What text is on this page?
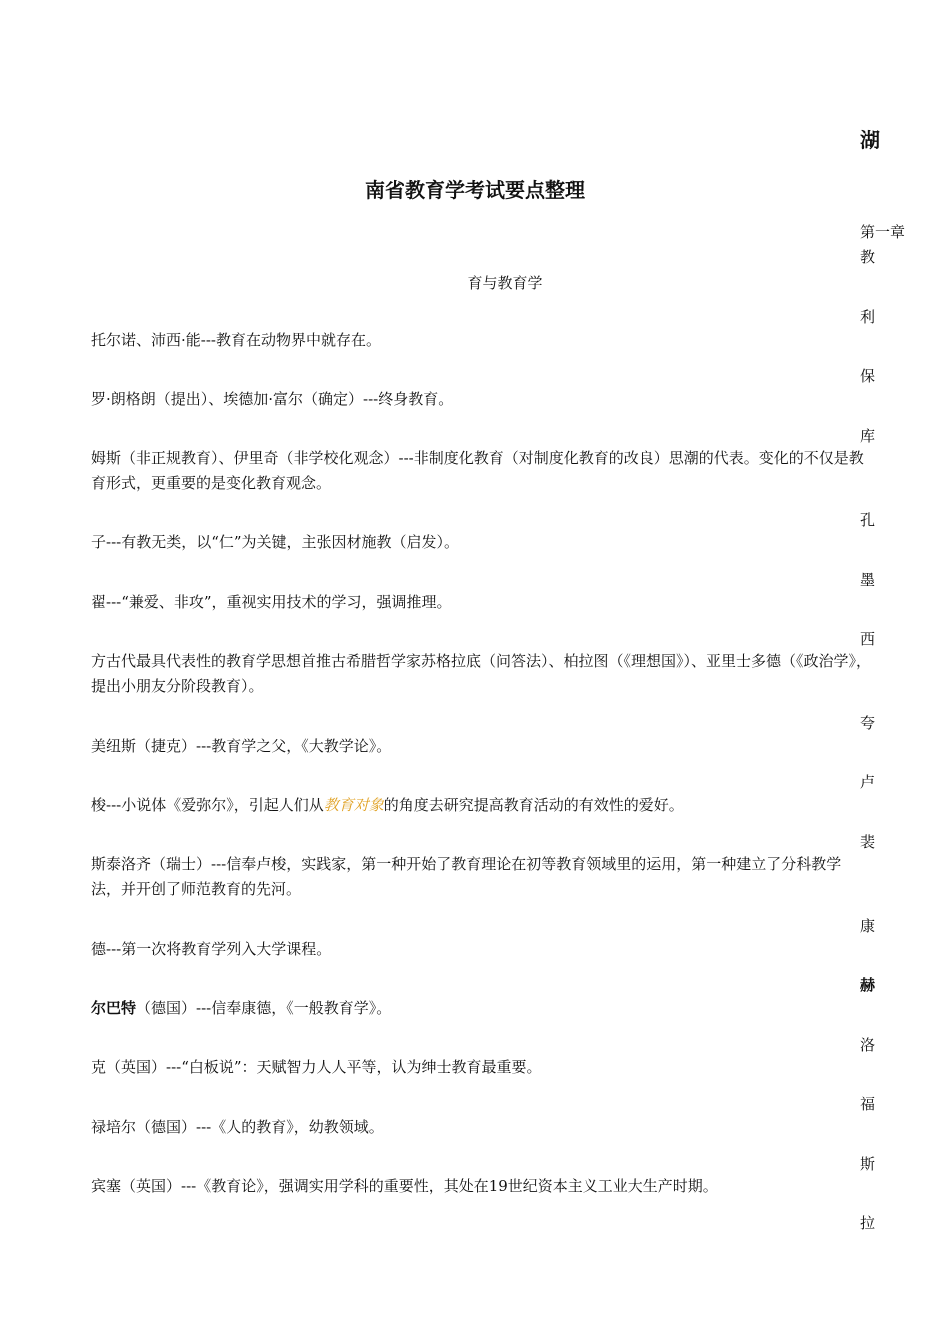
湖
南省教育学考试要点整理
第一章
教
育与教育学
利
托尔诺、沛西·能---教育在动物界中就存在。
保
罗·朗格朗（提出）、埃德加·富尔（确定）---终身教育。
库
姆斯（非正规教育）、伊里奇（非学校化观念）---非制度化教育（对制度化教育的改良）思潮的代表。变化的不仅是教育形式，更重要的是变化教育观念。
孔
子---有教无类，以“仁”为关键，主张因材施教（启发）。
墨
翟---“兼爱、非攻”，重视实用技术的学习，强调推理。
西
方古代最具代表性的教育学思想首推古希腊哲学家苏格拉底（问答法）、柏拉图（《理想国》）、亚里士多德（《政治学》，提出小朋友分阶段教育）。
夸
美纽斯（捷克）---教育学之父，《大教学论》。
卢
梭---小说体《爱弥尔》，引起人们从教育对象的角度去研究提高教育活动的有效性的爱好。
裴
斯泰洛齐（瑞士）---信奉卢梭，实践家，第一种开始了教育理论在初等教育领域里的运用，第一种建立了分科教学法，并开创了师范教育的先河。
康
德---第一次将教育学列入大学课程。
赫
尔巴特（德国）---信奉康德，《一般教育学》。
洛
克（英国）---“白板说”：天赋智力人人平等，认为绅士教育最重要。
福
禄培尔（德国）---《人的教育》，幼教领域。
斯
宾塞（英国）---《教育论》，强调实用学科的重要性，其处在19世纪资本主义工业大生产时期。
拉
